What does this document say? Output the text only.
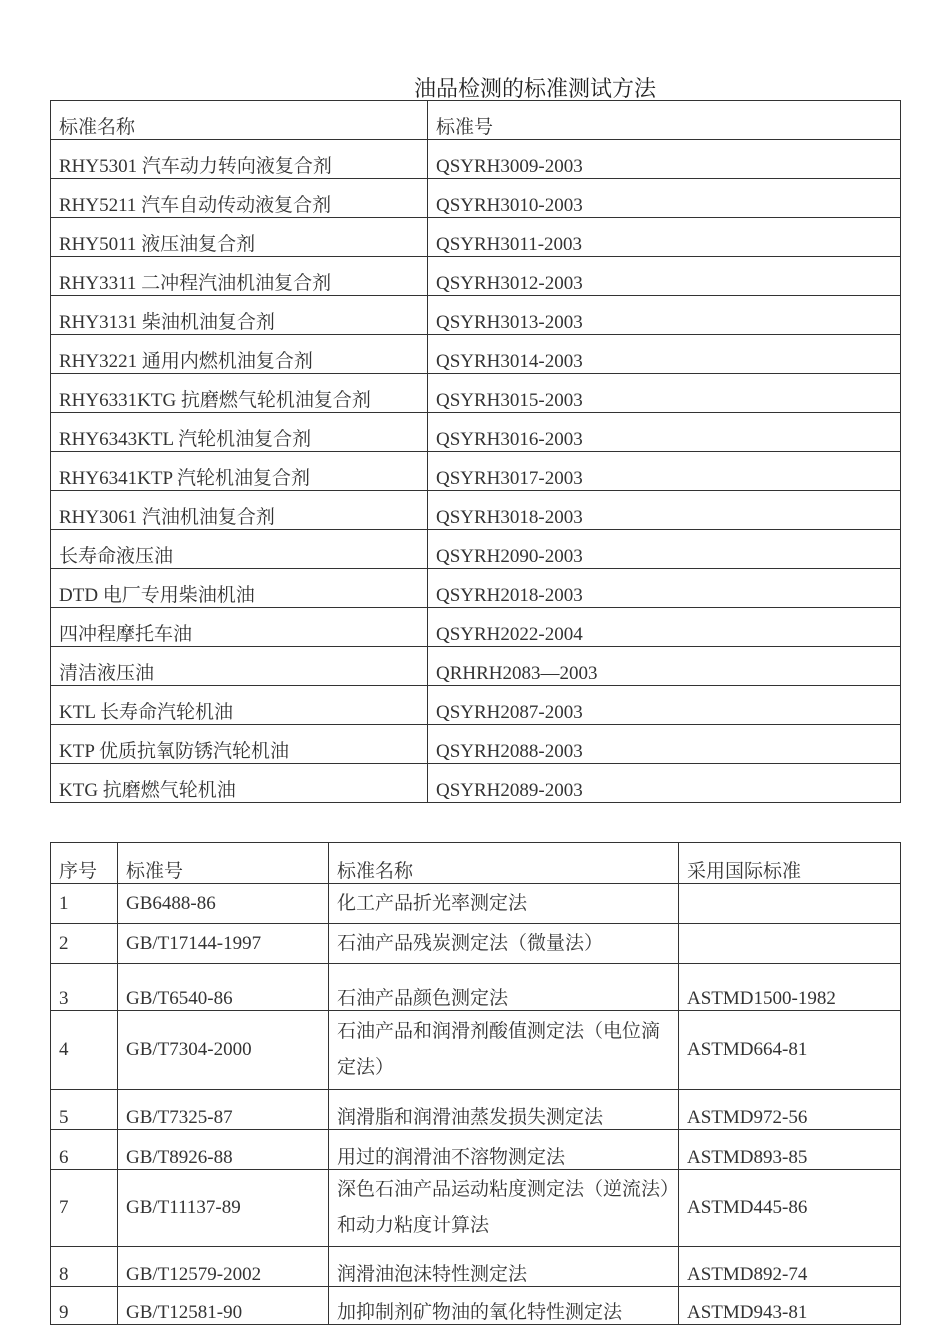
油品检测的标准测试方法
标准名称	标准号
RHY5301 汽车动力转向液复合剂	QSYRH3009-2003
RHY5211 汽车自动传动液复合剂	QSYRH3010-2003
RHY5011 液压油复合剂	QSYRH3011-2003
RHY3311 二冲程汽油机油复合剂	QSYRH3012-2003
RHY3131 柴油机油复合剂	QSYRH3013-2003
RHY3221 通用内燃机油复合剂	QSYRH3014-2003
RHY6331KTG 抗磨燃气轮机油复合剂	QSYRH3015-2003
RHY6343KTL 汽轮机油复合剂	QSYRH3016-2003
RHY6341KTP 汽轮机油复合剂	QSYRH3017-2003
RHY3061 汽油机油复合剂	QSYRH3018-2003
长寿命液压油	QSYRH2090-2003
DTD 电厂专用柴油机油	QSYRH2018-2003
四冲程摩托车油	QSYRH2022-2004
清洁液压油	QRHRH2083—2003
KTL 长寿命汽轮机油	QSYRH2087-2003
KTP 优质抗氧防锈汽轮机油	QSYRH2088-2003
KTG 抗磨燃气轮机油	QSYRH2089-2003
序号	标准号	标准名称	采用国际标准
1	GB6488-86	化工产品折光率测定法	
2	GB/T17144-1997	石油产品残炭测定法（微量法）	
3	GB/T6540-86	石油产品颜色测定法	ASTMD1500-1982
4	GB/T7304-2000	石油产品和润滑剂酸值测定法（电位滴定法）	ASTMD664-81
5	GB/T7325-87	润滑脂和润滑油蒸发损失测定法	ASTMD972-56
6	GB/T8926-88	用过的润滑油不溶物测定法	ASTMD893-85
7	GB/T11137-89	深色石油产品运动粘度测定法（逆流法）和动力粘度计算法	ASTMD445-86
8	GB/T12579-2002	润滑油泡沫特性测定法	ASTMD892-74
9	GB/T12581-90	加抑制剂矿物油的氧化特性测定法	ASTMD943-81
